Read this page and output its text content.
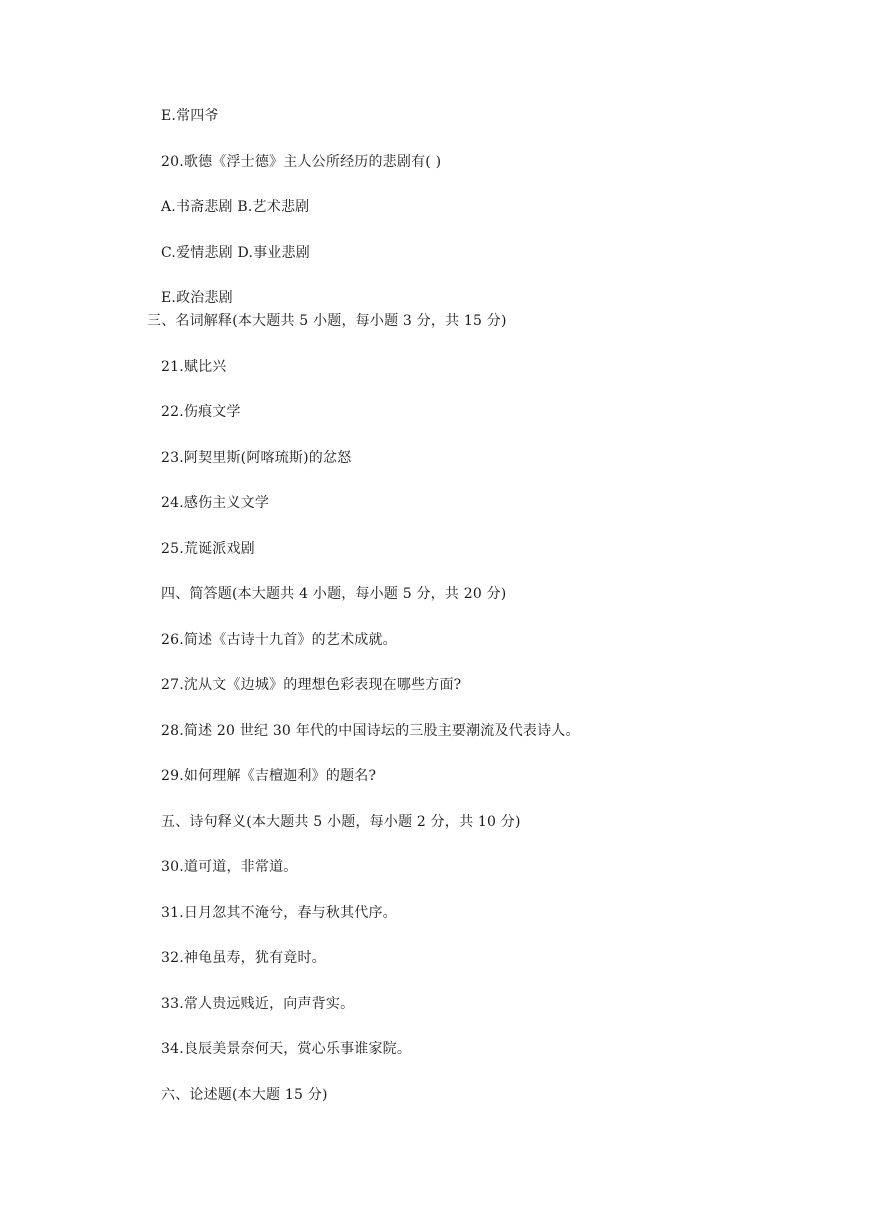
E.常四爷
20.歌德《浮士德》主人公所经历的悲剧有( )
A.书斋悲剧 B.艺术悲剧
C.爱情悲剧 D.事业悲剧
E.政治悲剧
三、名词解释(本大题共 5 小题，每小题 3 分，共 15 分)
21.赋比兴
22.伤痕文学
23.阿契里斯(阿喀琉斯)的忿怒
24.感伤主义文学
25.荒诞派戏剧
四、简答题(本大题共 4 小题，每小题 5 分，共 20 分)
26.简述《古诗十九首》的艺术成就。
27.沈从文《边城》的理想色彩表现在哪些方面?
28.简述 20 世纪 30 年代的中国诗坛的三股主要潮流及代表诗人。
29.如何理解《吉檀迦利》的题名?
五、诗句释义(本大题共 5 小题，每小题 2 分，共 10 分)
30.道可道，非常道。
31.日月忽其不淹兮，春与秋其代序。
32.神龟虽寿，犹有竟时。
33.常人贵远贱近，向声背实。
34.良辰美景奈何天，赏心乐事谁家院。
六、论述题(本大题 15 分)
